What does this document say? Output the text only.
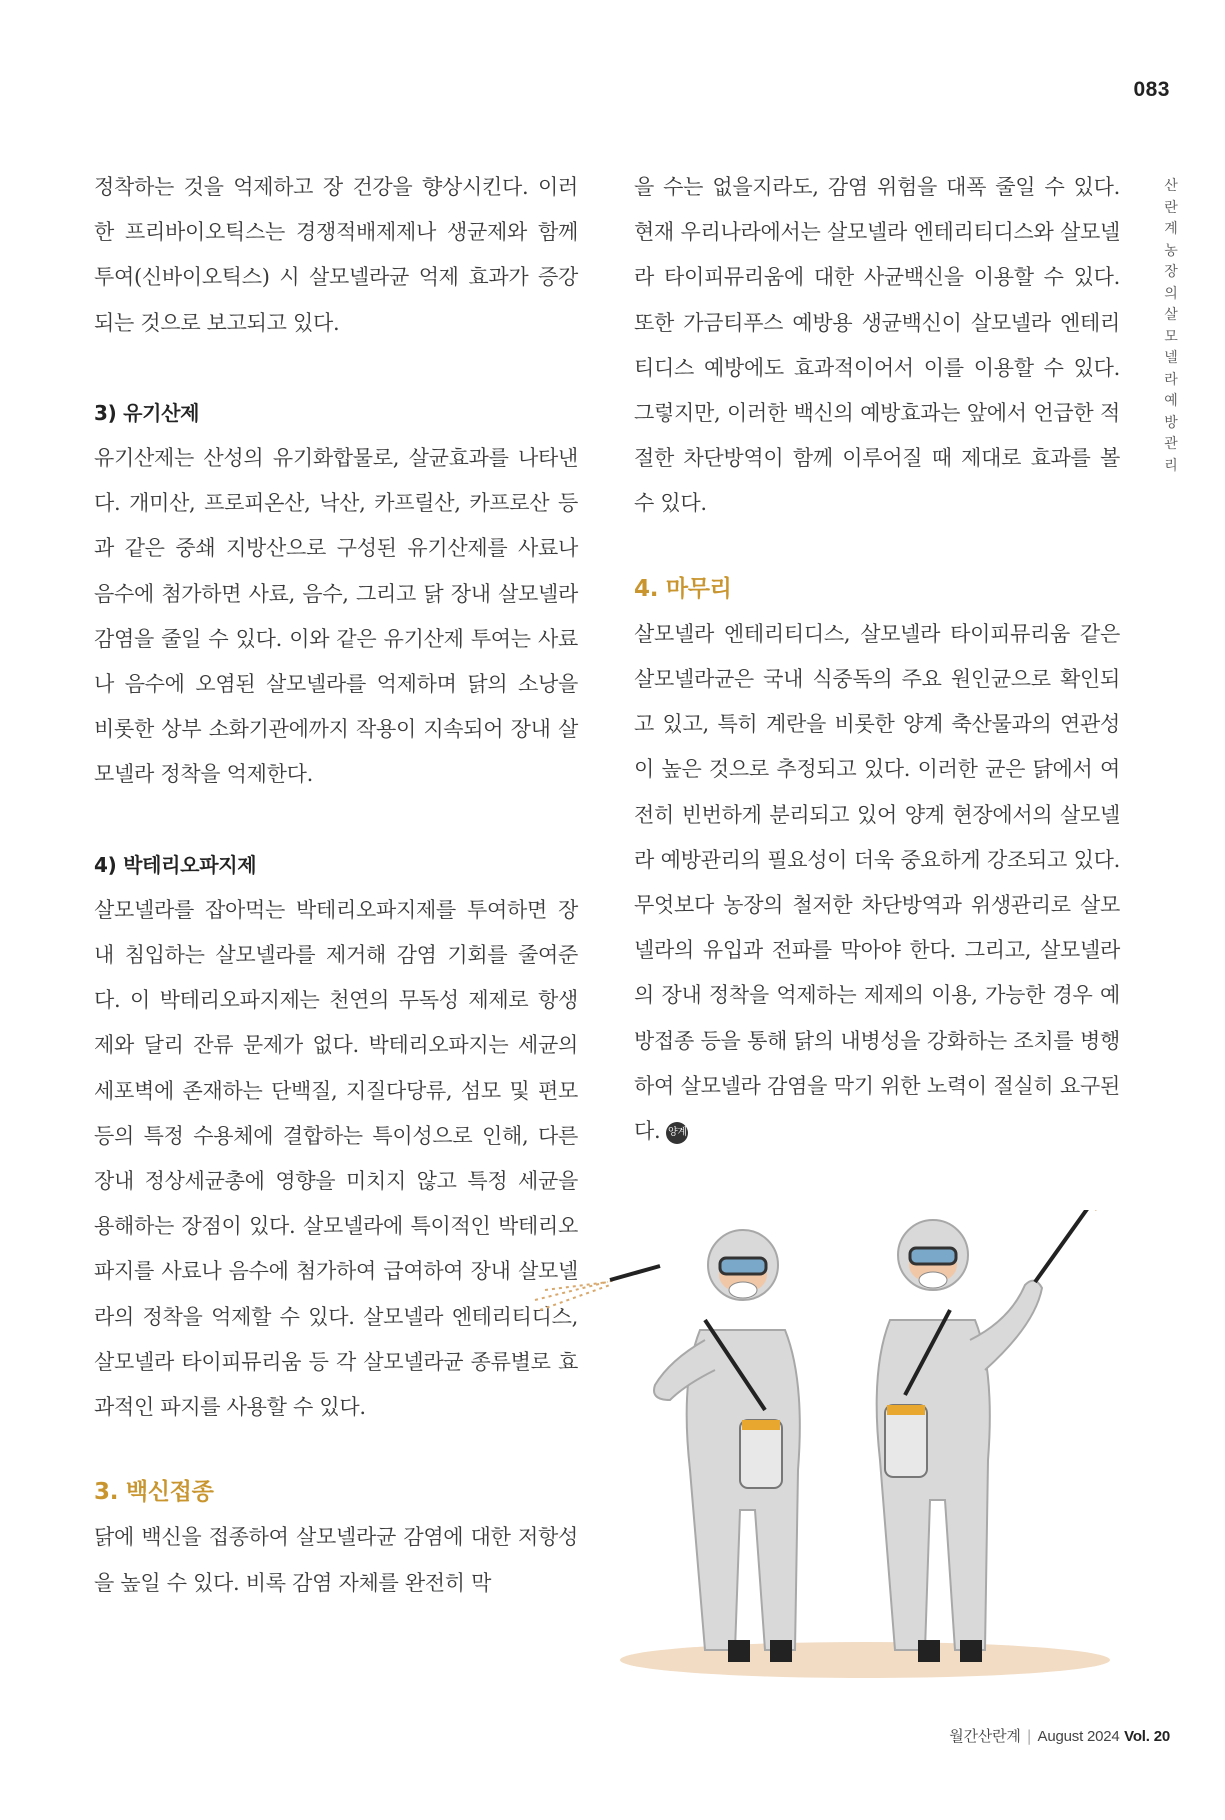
083
산란계 농장의 살모넬라 예방관리

정착하는 것을 억제하고 장 건강을 향상시킨다. 이러한 프리바이오틱스는 경쟁적배제제나 생균제와 함께 투여(신바이오틱스) 시 살모넬라균 억제 효과가 증강되는 것으로 보고되고 있다.

3) 유기산제

유기산제는 산성의 유기화합물로, 살균효과를 나타낸다. 개미산, 프로피온산, 낙산, 카프릴산, 카프로산 등과 같은 중쇄 지방산으로 구성된 유기산제를 사료나 음수에 첨가하면 사료, 음수, 그리고 닭 장내 살모넬라 감염을 줄일 수 있다. 이와 같은 유기산제 투여는 사료나 음수에 오염된 살모넬라를 억제하며 닭의 소낭을 비롯한 상부 소화기관에까지 작용이 지속되어 장내 살모넬라 정착을 억제한다.

4) 박테리오파지제

살모넬라를 잡아먹는 박테리오파지제를 투여하면 장내 침입하는 살모넬라를 제거해 감염 기회를 줄여준다. 이 박테리오파지제는 천연의 무독성 제제로 항생제와 달리 잔류 문제가 없다. 박테리오파지는 세균의 세포벽에 존재하는 단백질, 지질다당류, 섬모 및 편모 등의 특정 수용체에 결합하는 특이성으로 인해, 다른 장내 정상세균총에 영향을 미치지 않고 특정 세균을 용해하는 장점이 있다. 살모넬라에 특이적인 박테리오파지를 사료나 음수에 첨가하여 급여하여 장내 살모넬라의 정착을 억제할 수 있다. 살모넬라 엔테리티디스, 살모넬라 타이피뮤리움 등 각 살모넬라균 종류별로 효과적인 파지를 사용할 수 있다.

3. 백신접종

닭에 백신을 접종하여 살모넬라균 감염에 대한 저항성을 높일 수 있다. 비록 감염 자체를 완전히 막

을 수는 없을지라도, 감염 위험을 대폭 줄일 수 있다. 현재 우리나라에서는 살모넬라 엔테리티디스와 살모넬라 타이피뮤리움에 대한 사균백신을 이용할 수 있다. 또한 가금티푸스 예방용 생균백신이 살모넬라 엔테리티디스 예방에도 효과적이어서 이를 이용할 수 있다. 그렇지만, 이러한 백신의 예방효과는 앞에서 언급한 적절한 차단방역이 함께 이루어질 때 제대로 효과를 볼 수 있다.

4. 마무리

살모넬라 엔테리티디스, 살모넬라 타이피뮤리움 같은 살모넬라균은 국내 식중독의 주요 원인균으로 확인되고 있고, 특히 계란을 비롯한 양계 축산물과의 연관성이 높은 것으로 추정되고 있다. 이러한 균은 닭에서 여전히 빈번하게 분리되고 있어 양계 현장에서의 살모넬라 예방관리의 필요성이 더욱 중요하게 강조되고 있다. 무엇보다 농장의 철저한 차단방역과 위생관리로 살모넬라의 유입과 전파를 막아야 한다. 그리고, 살모넬라의 장내 정착을 억제하는 제제의 이용, 가능한 경우 예방접종 등을 통해 닭의 내병성을 강화하는 조치를 병행하여 살모넬라 감염을 막기 위한 노력이 절실히 요구된다. 양계

월간산란계 | August 2024 Vol. 20
